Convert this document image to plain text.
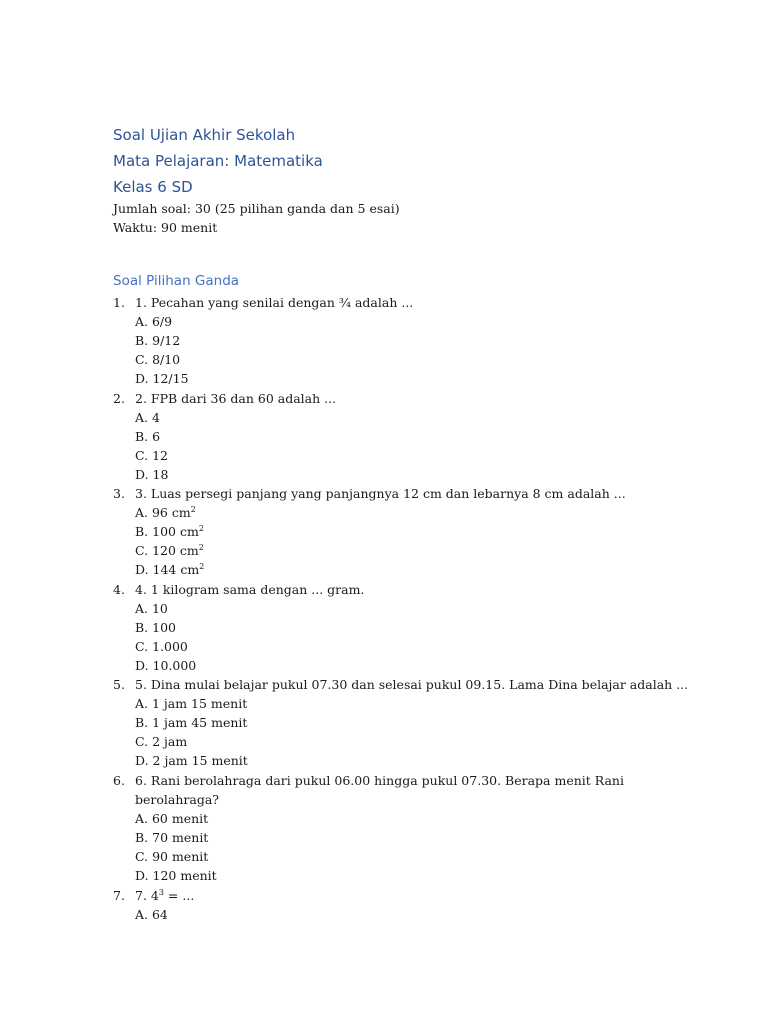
Soal Ujian Akhir Sekolah
Mata Pelajaran: Matematika
Kelas 6 SD
Jumlah soal: 30 (25 pilihan ganda dan 5 esai)
Waktu: 90 menit
Soal Pilihan Ganda
1. 1. Pecahan yang senilai dengan ¾ adalah ...
A. 6/9
B. 9/12
C. 8/10
D. 12/15
2. 2. FPB dari 36 dan 60 adalah ...
A. 4
B. 6
C. 12
D. 18
3. 3. Luas persegi panjang yang panjangnya 12 cm dan lebarnya 8 cm adalah ...
A. 96 $cm^2$
B. 100 $cm^2$
C. 120 $cm^2$
D. 144 $cm^2$
4. 4. 1 kilogram sama dengan ... gram.
A. 10
B. 100
C. 1.000
D. 10.000
5. 5. Dina mulai belajar pukul 07.30 dan selesai pukul 09.15. Lama Dina belajar adalah ...
A. 1 jam 15 menit
B. 1 jam 45 menit
C. 2 jam
D. 2 jam 15 menit
6. 6. Rani berolahraga dari pukul 06.00 hingga pukul 07.30. Berapa menit Rani
berolahraga?
A. 60 menit
B. 70 menit
C. 90 menit
D. 120 menit
7. 7. $4^3$ = ...
A. 64
